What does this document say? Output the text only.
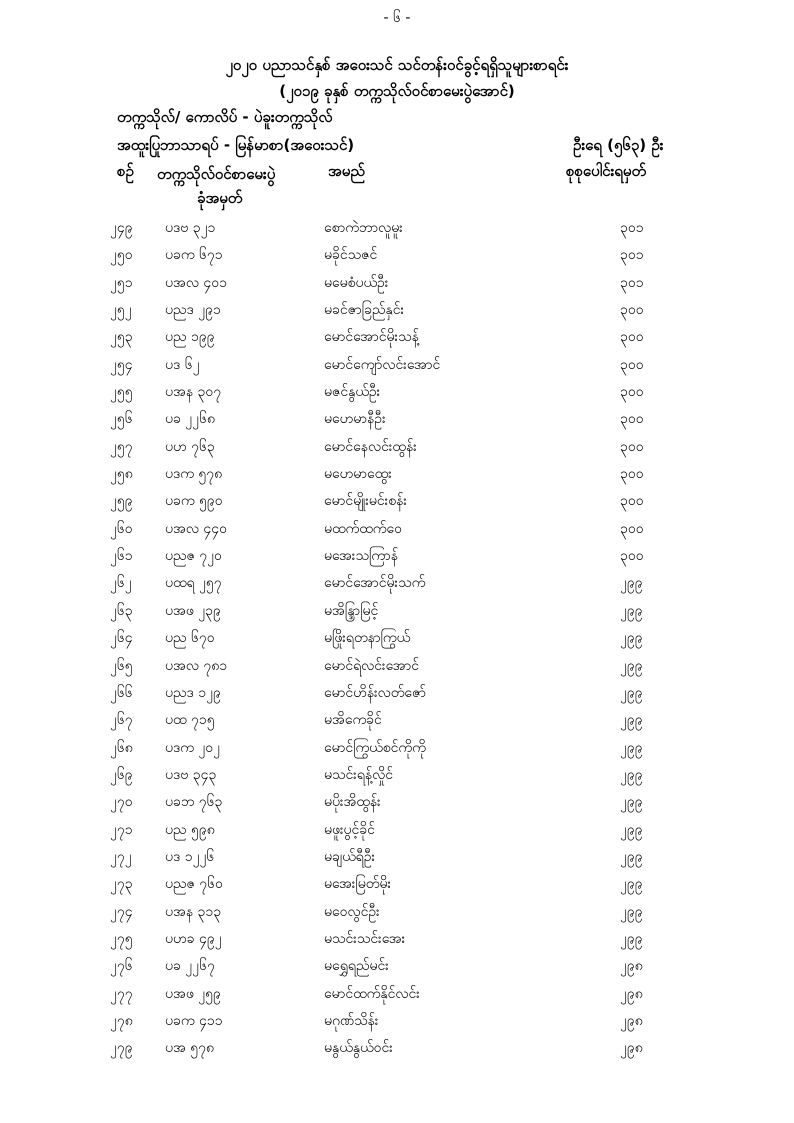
- ၆ -
၂၀၂၀ ပညာသင်နှစ် အဝေးသင် သင်တန်းဝင်ခွင့်ရရှိသူများစာရင်း
(၂၀၁၉ ခုနှစ် တက္ကသိုလ်ဝင်စာမေးပွဲအောင်)
တက္ကသိုလ်/ ကောလိပ် - ပဲခူးတက္ကသိုလ်
အထူးပြုဘာသာရပ် - မြန်မာစာ(အဝေးသင်)	ဦးရေ (၅၆၃) ဦး
စဉ် တက္ကသိုလ်ဝင်စာမေးပွဲ
ခုံအမှတ်
အမည်	စုစုပေါင်းရမှတ်
၂၄၉ ပဒဗ ၃၂၁	စောကဲဘာလူမူး	၃၀၁
၂၅၀ ပခက ၆၇၁	မခိုင်သဇင်	၃၀၁
၂၅၁ ပအလ ၄၀၁	မမေစံပယ်ဦး	၃၀၁
၂၅၂ ပညဒ ၂၉၁	မခင်ဇာခြည်နှင်း	၃၀၀
၂၅၃ ပည ၁၉၉	မောင်အောင်မိုးသန့်	၃၀၀
၂၅၄ ပဒ ၆၂	မောင်ကျော်လင်းအောင်	၃၀၀
၂၅၅ ပအန ၃၀၇	မဇင်နွယ်ဦး	၃၀၀
၂၅၆ ပခ ၂၂၆၈	မဟေမာနီဦး	၃၀၀
၂၅၇ ပဟ ၇၆၃	မောင်နေလင်းထွန်း	၃၀၀
၂၅၈ ပဒက ၅၇၈	မဟေမာထွေး	၃၀၀
၂၅၉ ပခက ၅၉၀	မောင်မျိုးမင်းစန်း	၃၀၀
၂၆၀ ပအလ ၄၄၀	မထက်ထက်ဝေ	၃၀၀
၂၆၁ ပညဇ ၇၂၀	မအေးသကြာန်	၃၀၀
၂၆၂ ပထရ ၂၅၇	မောင်အောင်မိုးသက်	၂၉၉
၂၆၃ ပအဖ ၂၃၉	မအိန္ဒြာမြင့်	၂၉၉
၂၆၄ ပည ၆၇၀	မဖြိုးရတနာကြွယ်	၂၉၉
၂၆၅ ပအလ ၇၈၁	မောင်ရဲလင်းအောင်	၂၉၉
၂၆၆ ပညဒ ၁၂၉	မောင်ဟိန်းလတ်ဇော်	၂၉၉
၂၆၇ ပထ ၇၁၅	မအိကေခိုင်	၂၉၉
၂၆၈ ပဒက ၂၀၂	မောင်ကြွယ်စင်ကိုကို	၂၉၉
၂၆၉ ပဒဗ ၃၄၃	မသင်းရန့်လှိုင်	၂၉၉
၂၇၀ ပခဘ ၇၆၃	မပိုးအိထွန်း	၂၉၉
၂၇၁ ပည ၅၉၈	မဖူးပွင့်ခိုင်	၂၉၉
၂၇၂ ပဒ ၁၂၂၆	မချယ်ရီဦး	၂၉၉
၂၇၃ ပညဇ ၇၆၀	မအေးမြတ်မိုး	၂၉၉
၂၇၄ ပအန ၃၁၃	မဝေလွင်ဦး	၂၉၉
၂၇၅ ပဟခ ၄၉၂	မသင်းသင်းအေး	၂၉၉
၂၇၆ ပခ ၂၂၆၇	မရွှေရည်မင်း	၂၉၈
၂၇၇ ပအဖ ၂၅၉	မောင်ထက်နိုင်လင်း	၂၉၈
၂၇၈ ပခက ၄၁၁	မဂုဏ်သိန်း	၂၉၈
၂၇၉ ပအ ၅၇၈	မနွယ်နွယ်ဝင်း	၂၉၈
